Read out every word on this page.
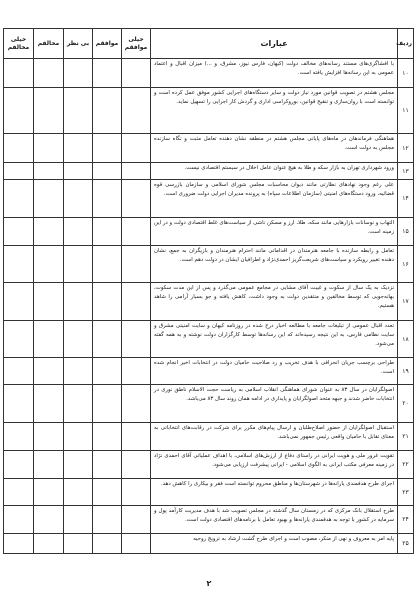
ردیف	عبارات	خیلی موافقم	موافقم	بی نظر	مخالفم	خیلی مخالفم
۱۰	با افشاگری‌های مستند رسانه‌های مخالف دولت (کیهان، فارس نیوز، مشرق، و ...) میزان اقبال و اعتماد عمومی به این رسانه‌ها افزایش یافته است.					
۱۱	مجلس هشتم در تصویب قوانین مورد نیاز دولت و سایر دستگاه‌های اجرایی کشور موفق عمل کرده است و توانسته است با روان‌سازی و تنقیح قوانین، بوروکراسی اداری و گردش کار اجرایی را تسهیل نماید.					
۱۲	هماهنگی فرماندهان در ماه‌های پایانی مجلس هشتم در منطقه نشان دهنده تعامل مثبت و نگاه سازنده مجلس به دولت است.					
۱۳	ورود شهرداری تهران به بازار سکه و طلا به هیچ عنوان عامل اخلال در سیستم اقتصادی نیست.					
۱۴	علی رغم وجود نهادهای نظارتی مانند دیوان محاسبات مجلس شورای اسلامی و سازمان بازرسی قوه قضائیه، ورود دستگاه‌های امنیتی (سازمان اطلاعات سپاه) به پرونده مدیران اجرایی دولت ضروری است.					
۱۵	التهاب و نوسانات بازارهایی مانند سکه، طلا، ارز و مسکن ناشی از سیاست‌های غلط اقتصادی دولت و در این زمینه است.					
۱۶	تعامل و رابطه سازنده با جامعه هنرمندان در اقداماتی مانند احترام هنرمندان و بازیگران به جمع، نشان دهنده تغییر رویکرد و سیاست‌های شریعت‌گریز احمدی‌نژاد و اطرافیان ایشان در دولت دهم است.					
۱۷	نزدیک به یک سال از سکوت و غیبت آقای مشایی در مجامع عمومی می‌گذرد و پس از این مدت سکوت، بهانه‌جویی که توسط مخالفین و منتقدین دولت به وجود داشت، کاهش یافته و جو بسیار آرامی را شاهد هستیم.					
۱۸	تعدد اقبال عمومی از تبلیغات جامعه با مطالعه اخبار درج شده در روزنامه کیهان و سایت امنیتی مشرق و سایت نظامی فارس، به این نتیجه رسیده‌اند که این رسانه‌ها توسط کارگزاران دولت نوشته و به همه گفته می‌شود.					
۱۹	طراحی برچسب جریان انحرافی با هدف تخریب و رد صلاحیت حامیان دولت در انتخابات اخیر انجام شده است.					
۲۰	اصولگرایان در سال ۸۳ به عنوان شورای هماهنگی انقلاب اسلامی به ریاست حجت الاسلام ناطق نوری در انتخابات حاضر شدند و جبهه متحد اصولگرایان و پایداری در ادامه همان روند سال ۸۳ می‌باشد.					
۲۱	استقبال اصولگرایان از حضور اصلاح‌طلبان و ارسال پیام‌های مکرر برای شرکت در رقابت‌های انتخاباتی به معنای تقابل با حامیان واقعی رئیس جمهور نمی‌باشد.					
۲۲	تقویت غرور ملی و هویت ایرانی در راستای دفاع از ارزش‌های اسلامی، با اهداف عملیاتی آقای احمدی نژاد در زمینه معرفی مکتب ایرانی به الگوی اسلامی - ایرانی پیشرفت ارزیابی می‌شود.					
۲۳	اجرای طرح هدفمندی یارانه‌ها در شهرستان‌ها و مناطق محروم توانسته است فقر و بیکاری را کاهش دهد.					
۲۴	طرح استقلال بانک مرکزی که در زمستان سال گذشته در مجلس تصویب شد با هدف مدیریت کارآمد پول و سرمایه در کشور با توجه به هدفمندی یارانه‌ها و بهبود تعامل با برنامه‌های اقتصادی دولت است.					
۲۵	پایه امر به معروف و نهی از منکر، مصوب است و اجرای طرح گشت ارشاد به ترویج روحیه					
۲
